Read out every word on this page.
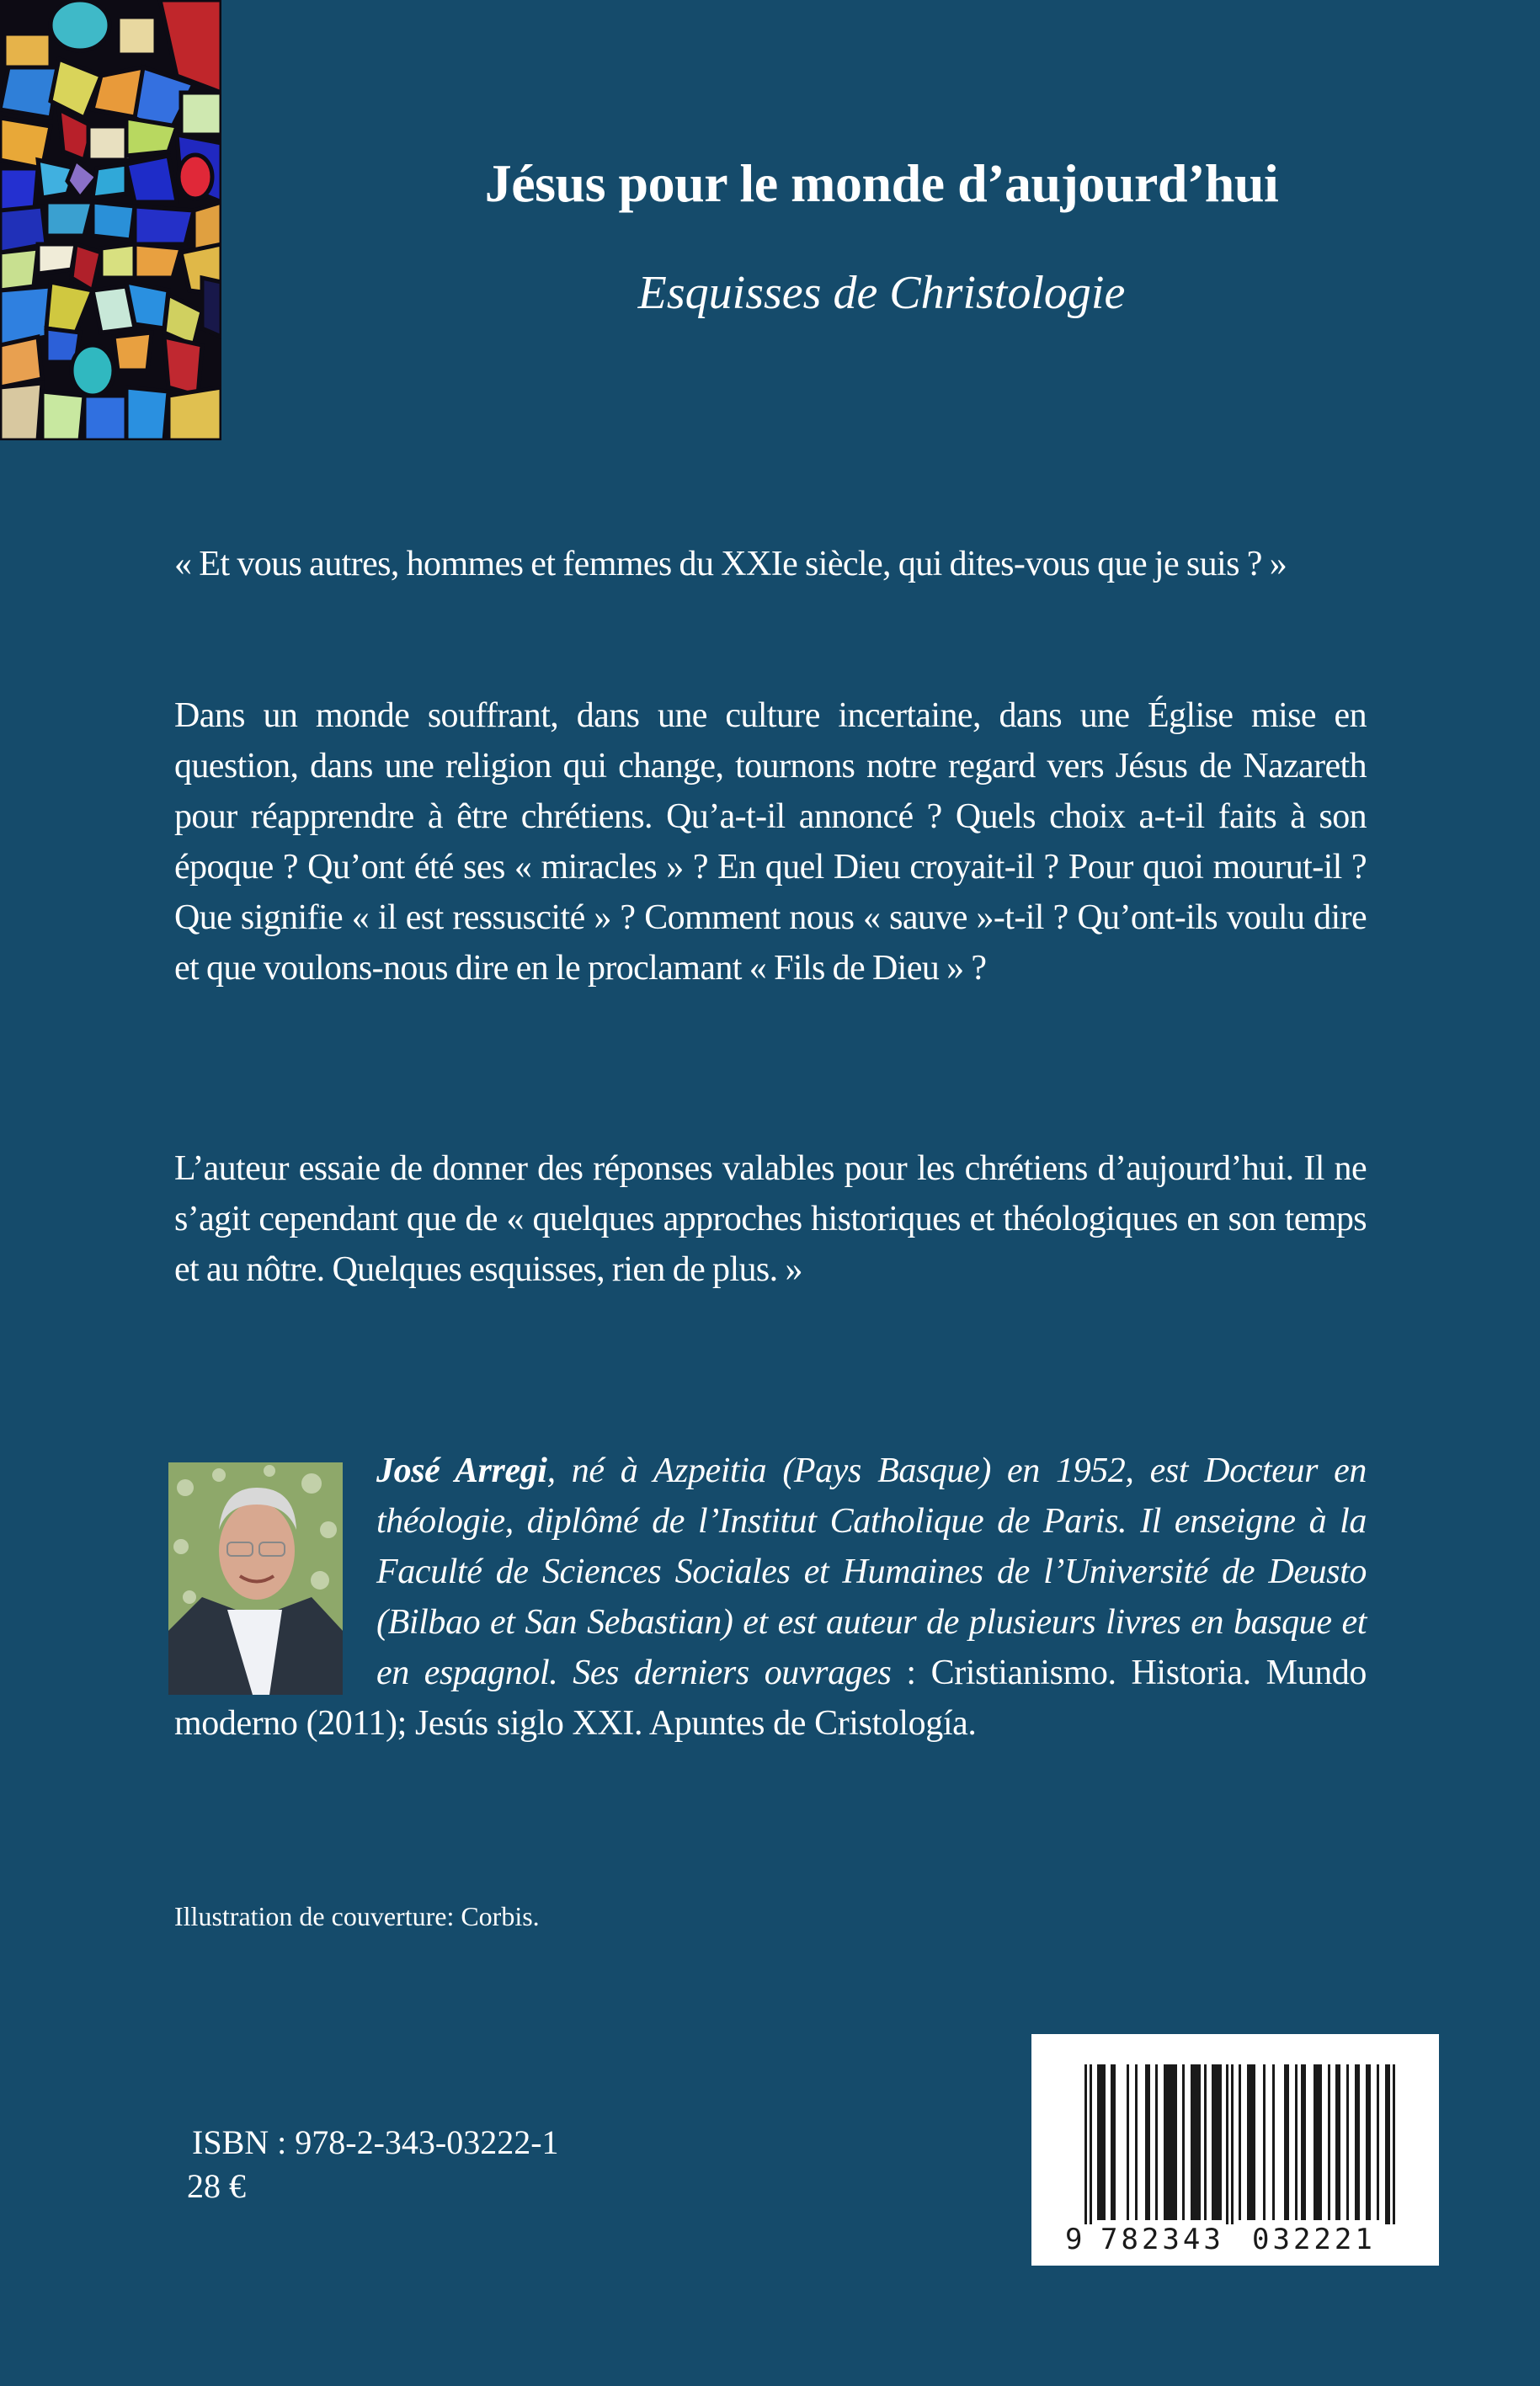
Jésus pour le monde d’aujourd’hui
Esquisses de Christologie
« Et vous autres, hommes et femmes du XXIe siècle, qui dites-vous que je suis ? »
Dans un monde souffrant, dans une culture incertaine, dans une Église mise en question, dans une religion qui change, tournons notre regard vers Jésus de Nazareth pour réapprendre à être chrétiens. Qu’a-t-il annoncé ? Quels choix a-t-il faits à son époque ? Qu’ont été ses « miracles » ? En quel Dieu croyait-il ? Pour quoi mourut-il ? Que signifie « il est ressuscité » ? Comment nous « sauve »-t-il ? Qu’ont-ils voulu dire et que voulons-nous dire en le proclamant « Fils de Dieu » ?
L’auteur essaie de donner des réponses valables pour les chrétiens d’aujourd’hui. Il ne s’agit cependant que de « quelques approches historiques et théologiques en son temps et au nôtre. Quelques esquisses, rien de plus. »
José Arregi, né à Azpeitia (Pays Basque) en 1952, est Docteur en théologie, diplômé de l’Institut Catholique de Paris. Il enseigne à la Faculté de Sciences Sociales et Humaines de l’Université de Deusto (Bilbao et San Sebastian) et est auteur de plusieurs livres en basque et en espagnol. Ses derniers ouvrages : Cristianismo. Historia. Mundo moderno (2011); Jesús siglo XXI. Apuntes de Cristología.
Illustration de couverture: Corbis.
ISBN : 978-2-343-03222-1
28 €
9 782343 032221
